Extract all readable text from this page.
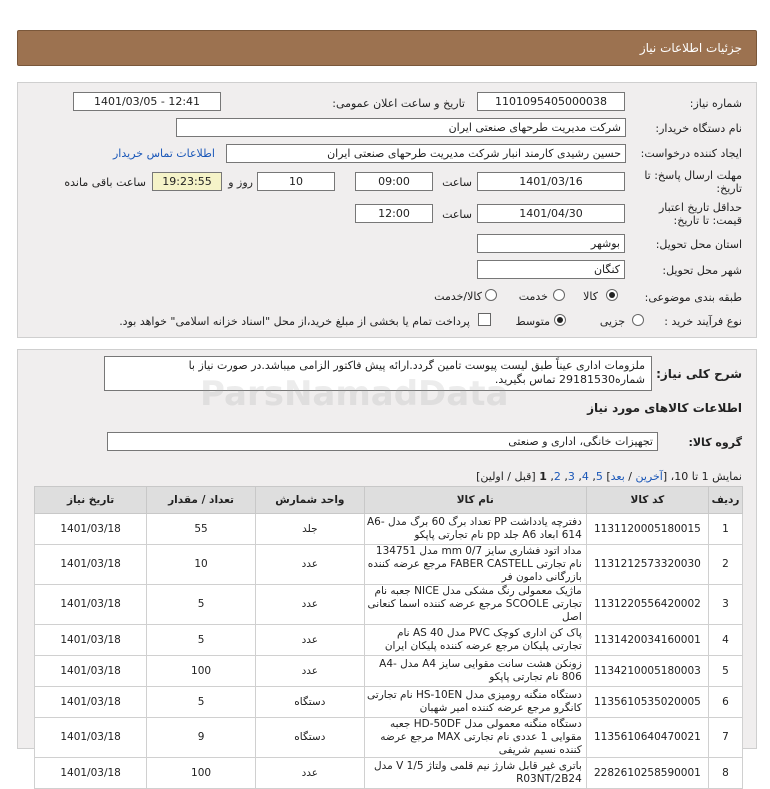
جزئیات اطلاعات نیاز
شماره نیاز:
1101095405000038
تاریخ و ساعت اعلان عمومی:
1401/03/05 - 12:41
نام دستگاه خریدار:
شرکت مدیریت طرحهای صنعتی ایران
ایجاد کننده درخواست:
حسین رشیدی کارمند انبار شرکت مدیریت طرحهای صنعتی ایران
اطلاعات تماس خریدار
مهلت ارسال پاسخ: تا
تاریخ:
1401/03/16
ساعت
09:00
10
روز و
19:23:55
ساعت باقی مانده
حداقل تاریخ اعتبار
قیمت: تا تاریخ:
1401/04/30
ساعت
12:00
استان محل تحویل:
بوشهر
شهر محل تحویل:
کنگان
طبقه بندی موضوعی:
کالا
خدمت
کالا/خدمت
نوع فرآیند خرید :
جزیی
متوسط
پرداخت تمام یا بخشی از مبلغ خرید،از محل "اسناد خزانه اسلامی" خواهد بود.
شرح کلی نیاز:
ملزومات اداری عیناً طبق لیست پیوست تامین گردد.ارائه پیش فاکتور الزامی میباشد.در صورت نیاز با شماره29181530 تماس بگیرید.
اطلاعات کالاهای مورد نیاز
گروه کالا:
تجهیزات خانگی، اداری و صنعتی
نمایش 1 تا 10، [آخرین / بعد] 5, 4, 3, 2, 1 [قبل / اولین]
ردیف	کد کالا	نام کالا	واحد شمارش	تعداد / مقدار	تاریخ نیاز
1	1131120005180015	دفترچه یادداشت PP تعداد برگ 60 برگ مدل A6-614 ابعاد A6 جلد pp نام تجارتی پاپکو	جلد	55	1401/03/18
2	1131212573320030	مداد اتود فشاری سایز mm 0/7 مدل 134751 نام تجارتی FABER CASTELL مرجع عرضه کننده بازرگانی دامون فر	عدد	10	1401/03/18
3	1131220556420002	ماژیک معمولی رنگ مشکی مدل NICE جعبه نام تجارتی SCOOLE مرجع عرضه کننده اسما کنعانی اصل	عدد	5	1401/03/18
4	1131420034160001	پاک کن اداری کوچک PVC مدل AS 40 نام تجارتی پلیکان مرجع عرضه کننده پلیکان ایران	عدد	5	1401/03/18
5	1134210005180003	زونکن هشت سانت مقوایی سایز A4 مدل A4-806 نام تجارتی پاپکو	عدد	100	1401/03/18
6	1135610535020005	دستگاه منگنه رومیزی مدل HS-10EN نام تجارتی کانگرو مرجع عرضه کننده امیر شهبان	دستگاه	5	1401/03/18
7	1135610640470021	دستگاه منگنه معمولی مدل HD-50DF جعبه مقوایی 1 عددی نام تجارتی MAX مرجع عرضه کننده نسیم شریفی	دستگاه	9	1401/03/18
8	2282610258590001	باتری غیر قابل شارژ نیم قلمی ولتاژ V 1/5 مدل R03NT/2B24	عدد	100	1401/03/18
